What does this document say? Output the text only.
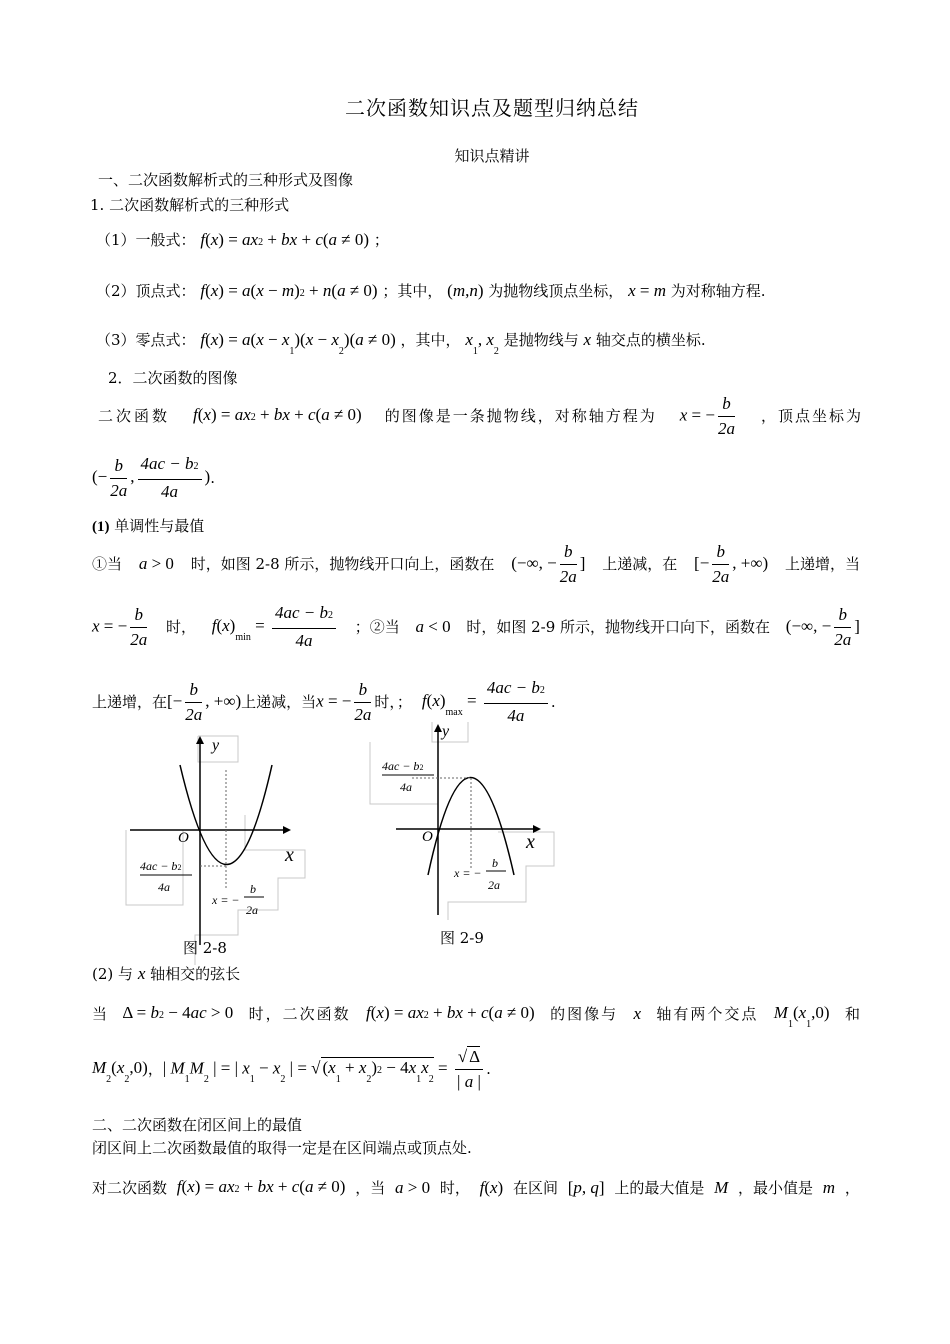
二次函数知识点及题型归纳总结
知识点精讲
一、二次函数解析式的三种形式及图像
1. 二次函数解析式的三种形式
（1）一般式： f(x) = ax2 + bx + c(a ≠ 0) ；
（2）顶点式： f(x) = a(x − m)2 + n(a ≠ 0) ；其中， (m,n) 为抛物线顶点坐标， x = m 为对称轴方程.
（3）零点式： $f(x) = a(x - x_1)(x - x_2)(a \ne 0)$ ，其中， $x_1$, $x_2$ 是抛物线与 x 轴交点的横坐标.
2．二次函数的图像
二次函数 f(x) = ax2 + bx + c(a ≠ 0) 的图像是一条抛物线，对称轴方程为 x = − $\frac{b}{2a}$ ，顶点坐标为
(− $\frac{b}{2a}$ , $\frac{4ac - b2}{4a}$ ) .
(1) 单调性与最值
①当 a > 0 时，如图 2-8 所示，抛物线开口向上，函数在 (−∞, − $\frac{b}{2a}$ ] 上递减，在 [− $\frac{b}{2a}$ , +∞) 上递增，当
x = − $\frac{b}{2a}$ 时， $f(x)_{min} = \frac{4ac - b2}{4a}$ ；②当 a < 0 时，如图 2-9 所示，抛物线开口向下，函数在 (−∞, − $\frac{b}{2a}$ ]
上递增，在 [− $\frac{b}{2a}$ , +∞) 上递减，当 x = − $\frac{b}{2a}$ 时，； $f(x)_{max} = \frac{4ac - b2}{4a}$ .
y
O
x
4ac − b2
4a
x = −
b
2a
图 2-8
y
O	x
4ac − b2
4a
x = −
b
2a
图 2-9
(2) 与 x 轴相交的弦长
当 Δ = b2 − 4ac > 0 时，二次函数 f(x) = ax2 + bx + c(a ≠ 0) 的图像与 x 轴有两个交点 $M_1(x_1,0)$ 和
$M_2(x_2,0)$ ， | $M_1M_2$ | = | $x_1 - x_2$ | = √ $(x_1 + x_2)2 - 4x_1x_2 = \frac{√ \Delta}{| a |}$ .
二、二次函数在闭区间上的最值
闭区间上二次函数最值的取得一定是在区间端点或顶点处.
对二次函数 f(x) = ax2 + bx + c(a ≠ 0) ，当 a > 0 时， f(x) 在区间 [p, q] 上的最大值是 M ，最小值是 m ，
